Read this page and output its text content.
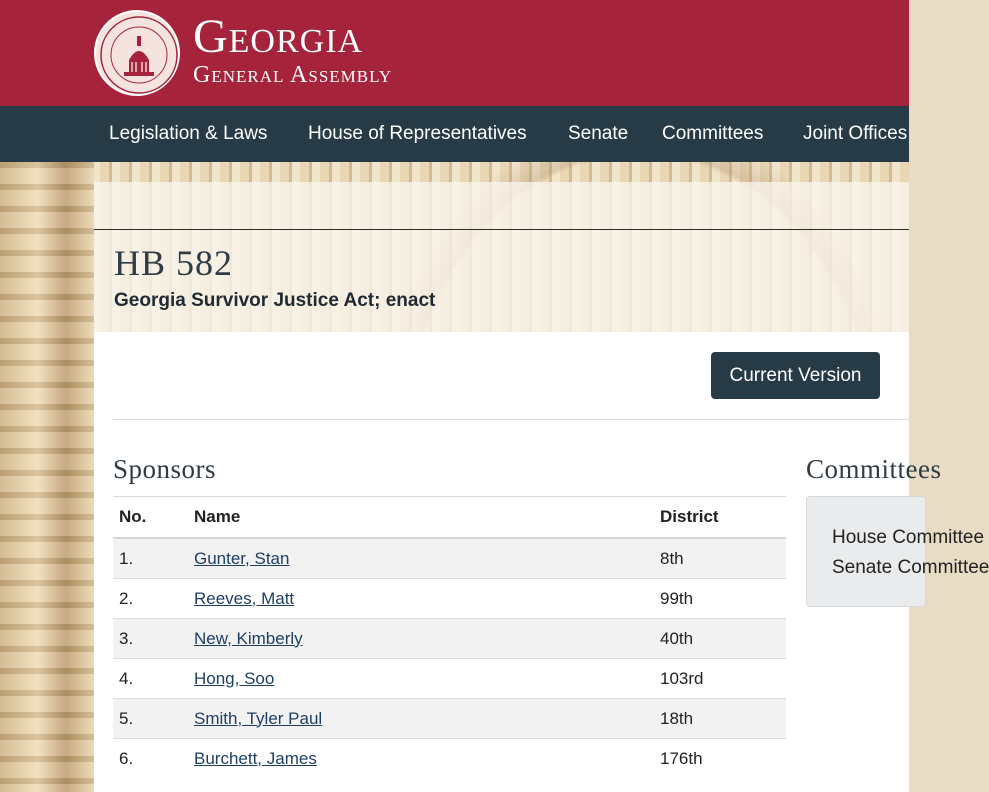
Georgia
General Assembly
Legislation & Laws House of Representatives Senate Committees Joint Offices
HB 582
Georgia Survivor Justice Act; enact
Current Version
Sponsors	Committees
No.	Name	District
1.	Gunter, Stan	8th
2.	Reeves, Matt	99th
3.	New, Kimberly	40th
4.	Hong, Soo	103rd
5.	Smith, Tyler Paul	18th
6.	Burchett, James	176th
House Committee
Senate Committee
